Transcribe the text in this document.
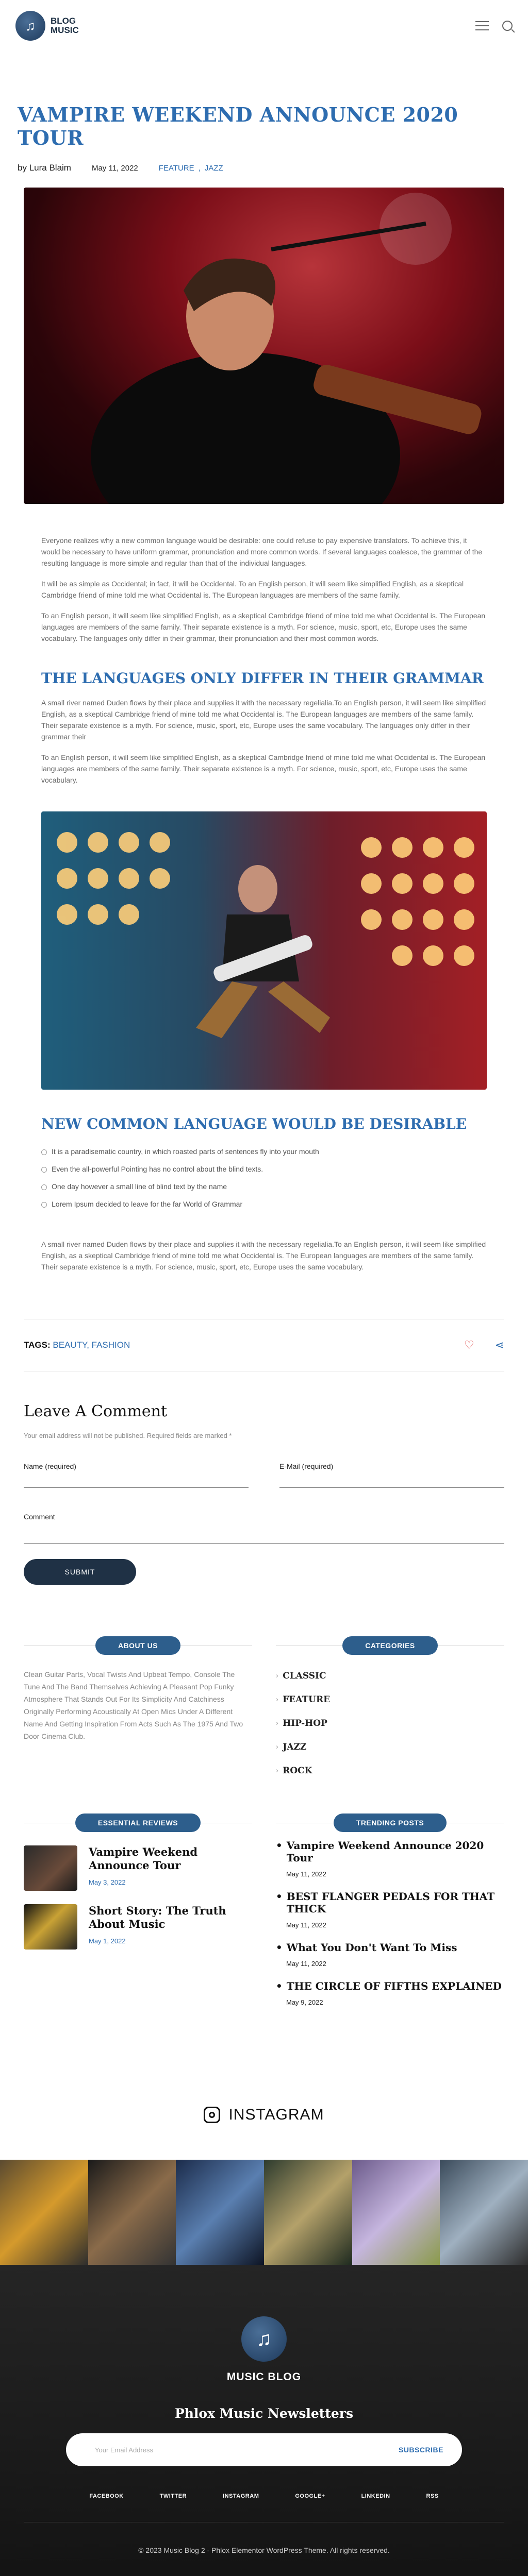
♫	BLOG MUSIC
VAMPIRE WEEKEND ANNOUNCE 2020 TOUR
by Lura Blaim	May 11, 2022	FEATURE , JAZZ

Everyone realizes why a new common language would be desirable: one could refuse to pay expensive translators. To achieve this, it would be necessary to have uniform grammar, pronunciation and more common words. If several languages coalesce, the grammar of the resulting language is more simple and regular than that of the individual languages.

It will be as simple as Occidental; in fact, it will be Occidental. To an English person, it will seem like simplified English, as a skeptical Cambridge friend of mine told me what Occidental is. The European languages are members of the same family.

To an English person, it will seem like simplified English, as a skeptical Cambridge friend of mine told me what Occidental is. The European languages are members of the same family. Their separate existence is a myth. For science, music, sport, etc, Europe uses the same vocabulary. The languages only differ in their grammar, their pronunciation and their most common words.

THE LANGUAGES ONLY DIFFER IN THEIR GRAMMAR

A small river named Duden flows by their place and supplies it with the necessary regelialia.To an English person, it will seem like simplified English, as a skeptical Cambridge friend of mine told me what Occidental is. The European languages are members of the same family. Their separate existence is a myth. For science, music, sport, etc, Europe uses the same vocabulary. The languages only differ in their grammar their

To an English person, it will seem like simplified English, as a skeptical Cambridge friend of mine told me what Occidental is. The European languages are members of the same family. Their separate existence is a myth. For science, music, sport, etc, Europe uses the same vocabulary.

NEW COMMON LANGUAGE WOULD BE DESIRABLE
It is a paradisematic country, in which roasted parts of sentences fly into your mouth
Even the all-powerful Pointing has no control about the blind texts.
One day however a small line of blind text by the name
Lorem Ipsum decided to leave for the far World of Grammar

A small river named Duden flows by their place and supplies it with the necessary regelialia.To an English person, it will seem like simplified English, as a skeptical Cambridge friend of mine told me what Occidental is. The European languages are members of the same family. Their separate existence is a myth. For science, music, sport, etc, Europe uses the same vocabulary.

TAGS: BEAUTY, FASHION	♡ ⋖
Leave A Comment

Your email address will not be published. Required fields are marked *

Name (required)	E-Mail (required)
Comment
SUBMIT
ABOUT US

Clean Guitar Parts, Vocal Twists And Upbeat Tempo, Console The Tune And The Band Themselves Achieving A Pleasant Pop Funky Atmosphere That Stands Out For Its Simplicity And Catchiness Originally Performing Acoustically At Open Mics Under A Different Name And Getting Inspiration From Acts Such As The 1975 And Two Door Cinema Club.

CATEGORIES
› CLASSIC
› FEATURE
› HIP-HOP
› JAZZ
› ROCK
ESSENTIAL REVIEWS
Vampire Weekend Announce Tour
May 3, 2022
Short Story: The Truth About Music
May 1, 2022
TRENDING POSTS
• Vampire Weekend Announce 2020 Tour
May 11, 2022
• BEST FLANGER PEDALS FOR THAT THICK
May 11, 2022
• What You Don't Want To Miss
May 11, 2022
• THE CIRCLE OF FIFTHS EXPLAINED
May 9, 2022
INSTAGRAM
♫
MUSIC BLOG
Phlox Music Newsletters
Your Email Address	SUBSCRIBE
FACEBOOK	TWITTER	INSTAGRAM	GOOGLE+	LINKEDIN	RSS
© 2023 Music Blog 2 - Phlox Elementor WordPress Theme. All rights reserved.
